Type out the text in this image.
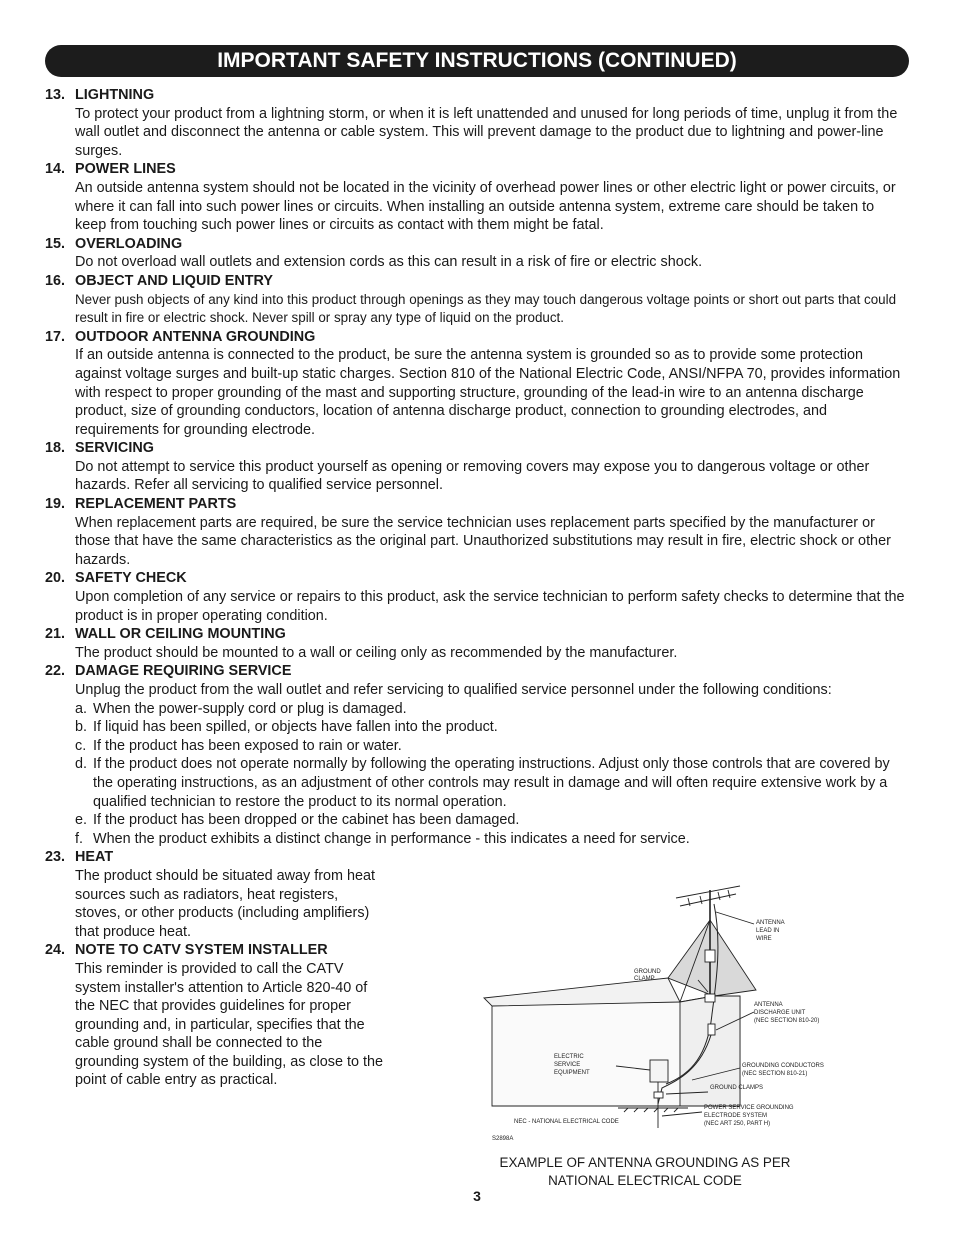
IMPORTANT SAFETY INSTRUCTIONS (CONTINUED)
13. LIGHTNING
To protect your product from a lightning storm, or when it is left unattended and unused for long periods of time, unplug it from the wall outlet and disconnect the antenna or cable system. This will prevent damage to the product due to lightning and power-line surges.
14. POWER LINES
An outside antenna system should not be located in the vicinity of overhead power lines or other electric light or power circuits, or where it can fall into such power lines or circuits. When installing an outside antenna system, extreme care should be taken to keep from touching such power lines or circuits as contact with them might be fatal.
15. OVERLOADING
Do not overload wall outlets and extension cords as this can result in a risk of fire or electric shock.
16. OBJECT AND LIQUID ENTRY
Never push objects of any kind into this product through openings as they may touch dangerous voltage points or short out parts that could result in fire or electric shock. Never spill or spray any type of liquid on the product.
17. OUTDOOR ANTENNA GROUNDING
If an outside antenna is connected to the product, be sure the antenna system is grounded so as to provide some protection against voltage surges and built-up static charges. Section 810 of the National Electric Code, ANSI/NFPA 70, provides information with respect to proper grounding of the mast and supporting structure, grounding of the lead-in wire to an antenna discharge product, size of grounding conductors, location of antenna discharge product, connection to grounding electrodes, and requirements for grounding electrode.
18. SERVICING
Do not attempt to service this product yourself as opening or removing covers may expose you to dangerous voltage or other hazards. Refer all servicing to qualified service personnel.
19. REPLACEMENT PARTS
When replacement parts are required, be sure the service technician uses replacement parts specified by the manufacturer or those that have the same characteristics as the original part. Unauthorized substitutions may result in fire, electric shock or other hazards.
20. SAFETY CHECK
Upon completion of any service or repairs to this product, ask the service technician to perform safety checks to determine that the product is in proper operating condition.
21. WALL OR CEILING MOUNTING
The product should be mounted to a wall or ceiling only as recommended by the manufacturer.
22. DAMAGE REQUIRING SERVICE
Unplug the product from the wall outlet and refer servicing to qualified service personnel under the following conditions:
a. When the power-supply cord or plug is damaged.
b. If liquid has been spilled, or objects have fallen into the product.
c. If the product has been exposed to rain or water.
d. If the product does not operate normally by following the operating instructions. Adjust only those controls that are covered by the operating instructions, as an adjustment of other controls may result in damage and will often require extensive work by a qualified technician to restore the product to its normal operation.
e. If the product has been dropped or the cabinet has been damaged.
f. When the product exhibits a distinct change in performance - this indicates a need for service.
23. HEAT
The product should be situated away from heat sources such as radiators, heat registers, stoves, or other products (including amplifiers) that produce heat.
24. NOTE TO CATV SYSTEM INSTALLER
This reminder is provided to call the CATV system installer's attention to Article 820-40 of the NEC that provides guidelines for proper grounding and, in particular, specifies that the cable ground shall be connected to the grounding system of the building, as close to the point of cable entry as practical.
ANTENNA LEAD IN WIRE
GROUND CLAMP
ANTENNA DISCHARGE UNIT (NEC SECTION 810-20)
ELECTRIC SERVICE EQUIPMENT
GROUNDING CONDUCTORS (NEC SECTION 810-21)
GROUND CLAMPS
POWER SERVICE GROUNDING ELECTRODE SYSTEM (NEC ART 250, PART H)
NEC - NATIONAL ELECTRICAL CODE
S2898A
EXAMPLE OF ANTENNA GROUNDING AS PER
NATIONAL ELECTRICAL CODE
3
